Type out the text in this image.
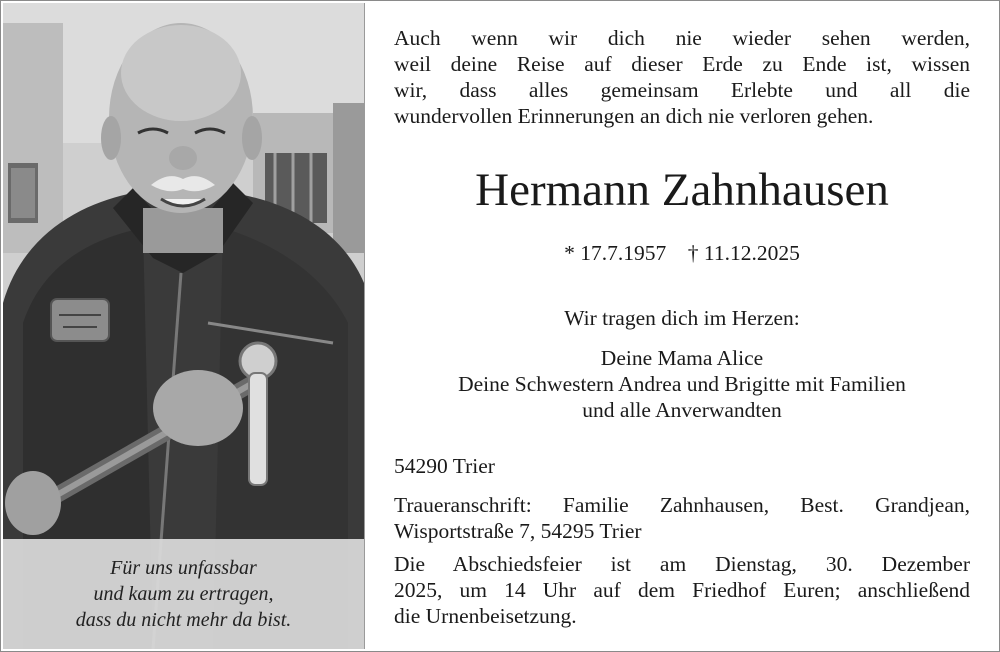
Für uns unfassbar
und kaum zu ertragen,
dass du nicht mehr da bist.
Auch wenn wir dich nie wieder sehen werden,
weil deine Reise auf dieser Erde zu Ende ist, wissen
wir, dass alles gemeinsam Erlebte und all die
wundervollen Erinnerungen an dich nie verloren gehen.
Hermann Zahnhausen
* 17.7.1957    † 11.12.2025
Wir tragen dich im Herzen:
Deine Mama Alice
Deine Schwestern Andrea und Brigitte mit Familien
und alle Anverwandten
54290 Trier
Traueranschrift: Familie Zahnhausen, Best. Grandjean,
Wisportstraße 7, 54295 Trier
Die Abschiedsfeier ist am Dienstag, 30. Dezember
2025, um 14 Uhr auf dem Friedhof Euren; anschließend
die Urnenbeisetzung.
